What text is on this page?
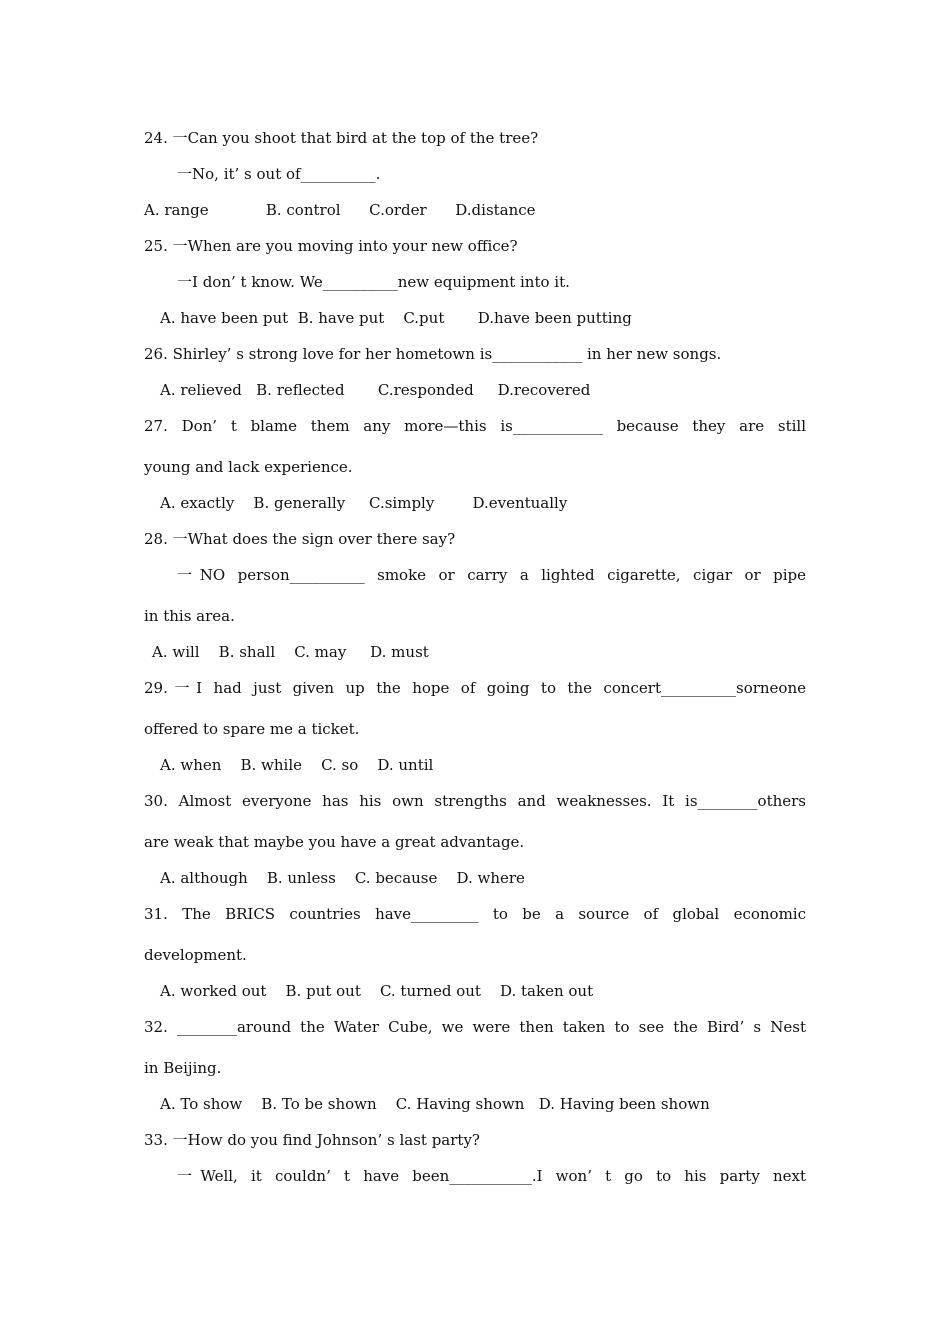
24. 一Can you shoot that bird at the top of the tree?
一No, it’ s out of__________.
A. range            B. control      C.order      D.distance
25. 一When are you moving into your new office?
一I don’ t know. We__________new equipment into it.
A. have been put  B. have put    C.put       D.have been putting
26. Shirley’ s strong love for her hometown is____________ in her new songs.
A. relieved   B. reflected       C.responded     D.recovered
27. Don’ t blame them any more—this is____________ because they are still
young and lack experience.
A. exactly    B. generally     C.simply        D.eventually
28. 一What does the sign over there say?
一NO person__________ smoke or carry a lighted cigarette, cigar or pipe
in this area.
A. will    B. shall    C. may     D. must
29.一I had just given up the hope of going to the concert__________sorneone
offered to spare me a ticket.
A. when    B. while    C. so    D. until
30. Almost everyone has his own strengths and weaknesses. It is________others
are weak that maybe you have a great advantage.
A. although    B. unless    C. because    D. where
31. The BRICS countries have_________ to be a source of global economic
development.
A. worked out    B. put out    C. turned out    D. taken out
32. ________around the Water Cube, we were then taken to see the Bird’ s Nest
in Beijing.
A. To show    B. To be shown    C. Having shown   D. Having been shown
33. 一How do you find Johnson’ s last party?
一Well, it couldn’ t have been___________.I won’ t go to his party next
